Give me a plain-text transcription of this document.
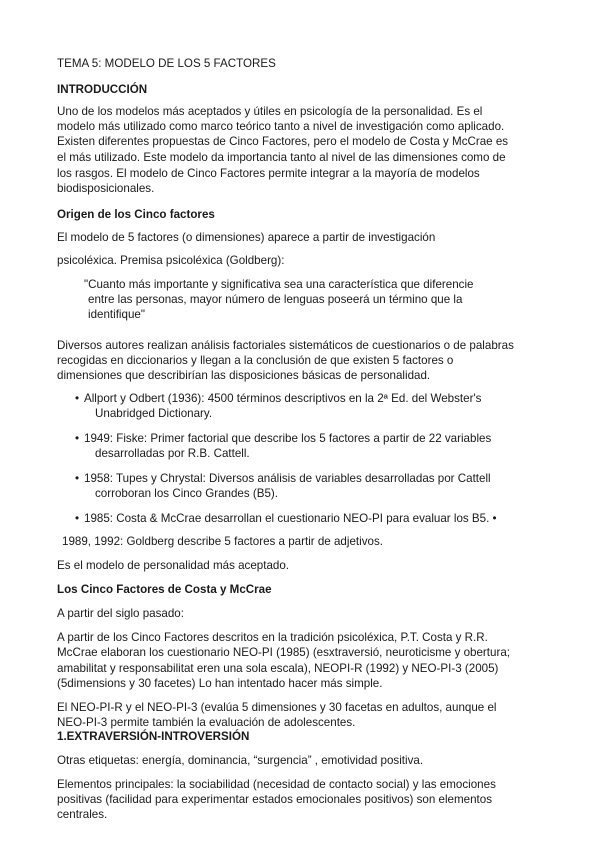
TEMA 5: MODELO DE LOS 5 FACTORES

INTRODUCCIÓN

Uno de los modelos más aceptados y útiles en psicología de la personalidad. Es el

modelo más utilizado como marco teórico tanto a nivel de investigación como aplicado.

Existen diferentes propuestas de Cinco Factores, pero el modelo de Costa y McCrae es

el más utilizado. Este modelo da importancia tanto al nivel de las dimensiones como de

los rasgos. El modelo de Cinco Factores permite integrar a la mayoría de modelos

biodisposicionales.

Origen de los Cinco factores

El modelo de 5 factores (o dimensiones) aparece a partir de investigación

psicoléxica. Premisa psicoléxica (Goldberg):

"Cuanto más importante y significativa sea una característica que diferencie

entre las personas, mayor número de lenguas poseerá un término que la

identifique"

Diversos autores realizan análisis factoriales sistemáticos de cuestionarios o de palabras

recogidas en diccionarios y llegan a la conclusión de que existen 5 factores o

dimensiones que describirían las disposiciones básicas de personalidad.

• Allport y Odbert (1936): 4500 términos descriptivos en la 2ª Ed. del Webster's

Unabridged Dictionary.

• 1949: Fiske: Primer factorial que describe los 5 factores a partir de 22 variables

desarrolladas por R.B. Cattell.

• 1958: Tupes y Chrystal: Diversos análisis de variables desarrolladas por Cattell

corroboran los Cinco Grandes (B5).

• 1985: Costa & McCrae desarrollan el cuestionario NEO-PI para evaluar los B5. •

1989, 1992: Goldberg describe 5 factores a partir de adjetivos.

Es el modelo de personalidad más aceptado.

Los Cinco Factores de Costa y McCrae

A partir del siglo pasado:

A partir de los Cinco Factores descritos en la tradición psicoléxica, P.T. Costa y R.R.

McCrae elaboran los cuestionario NEO-PI (1985) (esxtraversió, neuroticisme y obertura;

amabilitat y responsabilitat eren una sola escala), NEOPI-R (1992) y NEO-PI-3 (2005)

(5dimensions y 30 facetes) Lo han intentado hacer más simple.

El NEO-PI-R y el NEO-PI-3 (evalúa 5 dimensiones y 30 facetas en adultos, aunque el

NEO-PI-3 permite también la evaluación de adolescentes.

1.EXTRAVERSIÓN-INTROVERSIÓN

Otras etiquetas: energía, dominancia, “surgencia” , emotividad positiva.

Elementos principales: la sociabilidad (necesidad de contacto social) y las emociones

positivas (facilidad para experimentar estados emocionales positivos) son elementos

centrales.
